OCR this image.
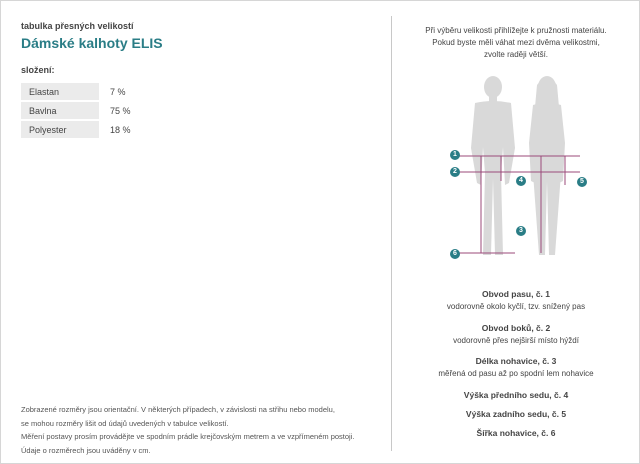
tabulka přesných velikostí

Dámské kalhoty ELIS

složení:
Elastan	7 %
Bavlna	75 %
Polyester	18 %
Zobrazené rozměry jsou orientační. V některých případech, v závislosti na střihu nebo modelu,
se mohou rozměry lišit od údajů uvedených v tabulce velikostí.
Měření postavy prosím provádějte ve spodním prádle krejčovským metrem a ve vzpřímeném postoji.
Údaje o rozměrech jsou uváděny v cm.
Při výběru velikosti přihlížejte k pružnosti materiálu.
Pokud byste měli váhat mezi dvěma velikostmi,
zvolte raději větší.
1
2
3
4	5
6
Obvod pasu, č. 1
vodorovně okolo kyčlí, tzv. snížený pas
Obvod boků, č. 2
vodorovně přes nejširší místo hýždí
Délka nohavice, č. 3
měřená od pasu až po spodní lem nohavice
Výška předního sedu, č. 4
Výška zadního sedu, č. 5
Šířka nohavice, č. 6
